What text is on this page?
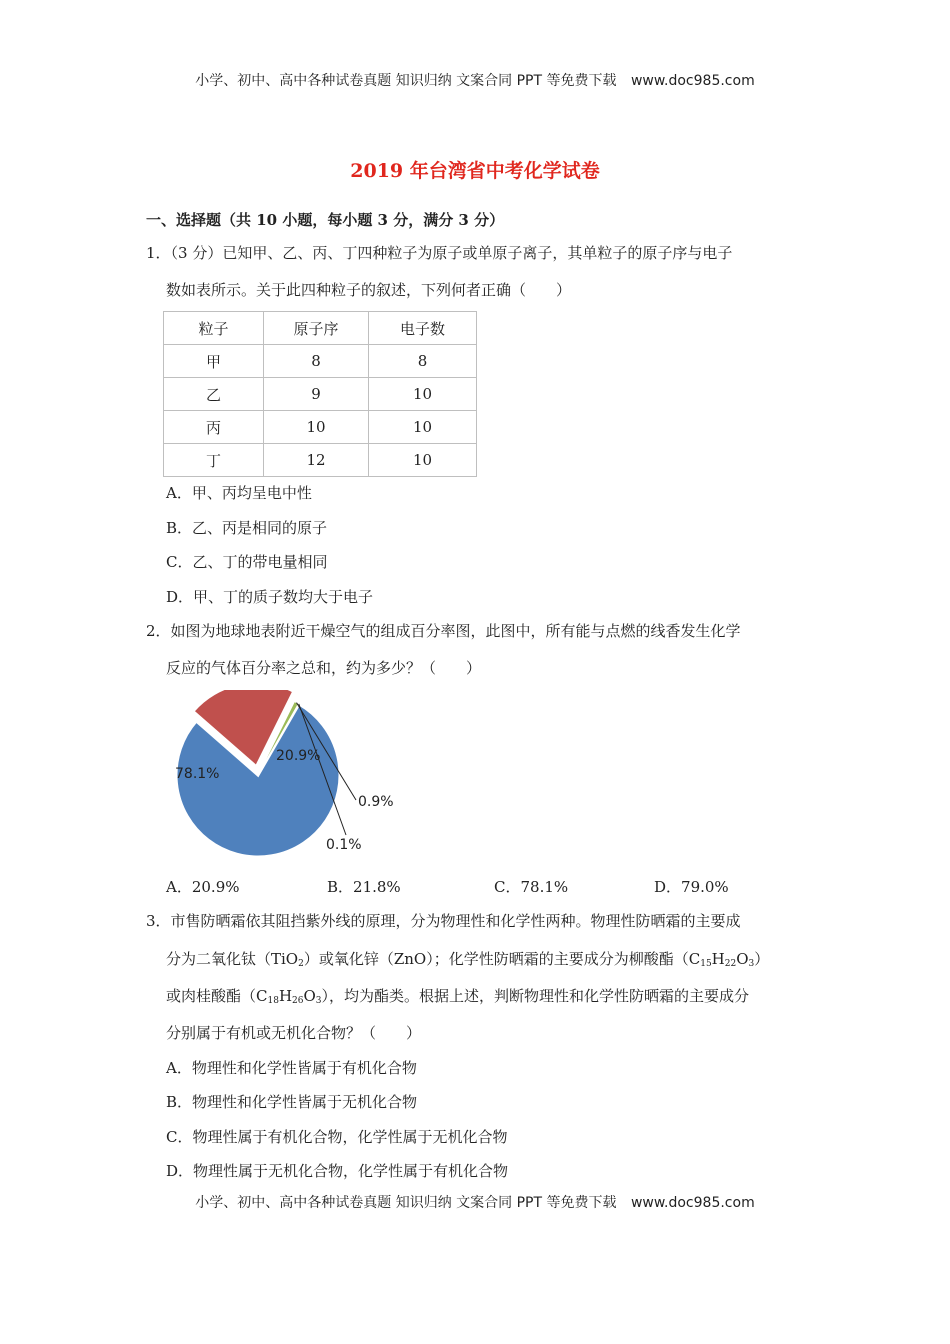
小学、初中、高中各种试卷真题 知识归纳 文案合同 PPT 等免费下载 www.doc985.com
2019 年台湾省中考化学试卷
一、选择题（共 10 小题，每小题 3 分，满分 3 分）
1．（3 分）已知甲、乙、丙、丁四种粒子为原子或单原子离子，其单粒子的原子序与电子
数如表所示。关于此四种粒子的叙述，下列何者正确（　　）
粒子	原子序	电子数
甲	8	8
乙	9	10
丙	10	10
丁	12	10
A．甲、丙均呈电中性
B．乙、丙是相同的原子
C．乙、丁的带电量相同
D．甲、丁的质子数均大于电子
2．如图为地球地表附近干燥空气的组成百分率图，此图中，所有能与点燃的线香发生化学
反应的气体百分率之总和，约为多少？（　　）
78.1%
20.9%
0.9%
0.1%
A．20.9%	B．21.8%	C．78.1%	D．79.0%
3．市售防晒霜依其阻挡紫外线的原理，分为物理性和化学性两种。物理性防晒霜的主要成
分为二氧化钛（TiO$_2$）或氧化锌（ZnO）；化学性防晒霜的主要成分为柳酸酯$(C_{15}H_{22}O_3)$
或肉桂酸酯$(C_{18}H_{26}O_3)$，均为酯类。根据上述，判断物理性和化学性防晒霜的主要成分
分别属于有机或无机化合物？（　　）
A．物理性和化学性皆属于有机化合物
B．物理性和化学性皆属于无机化合物
C．物理性属于有机化合物，化学性属于无机化合物
D．物理性属于无机化合物，化学性属于有机化合物
小学、初中、高中各种试卷真题 知识归纳 文案合同 PPT 等免费下载 www.doc985.com
